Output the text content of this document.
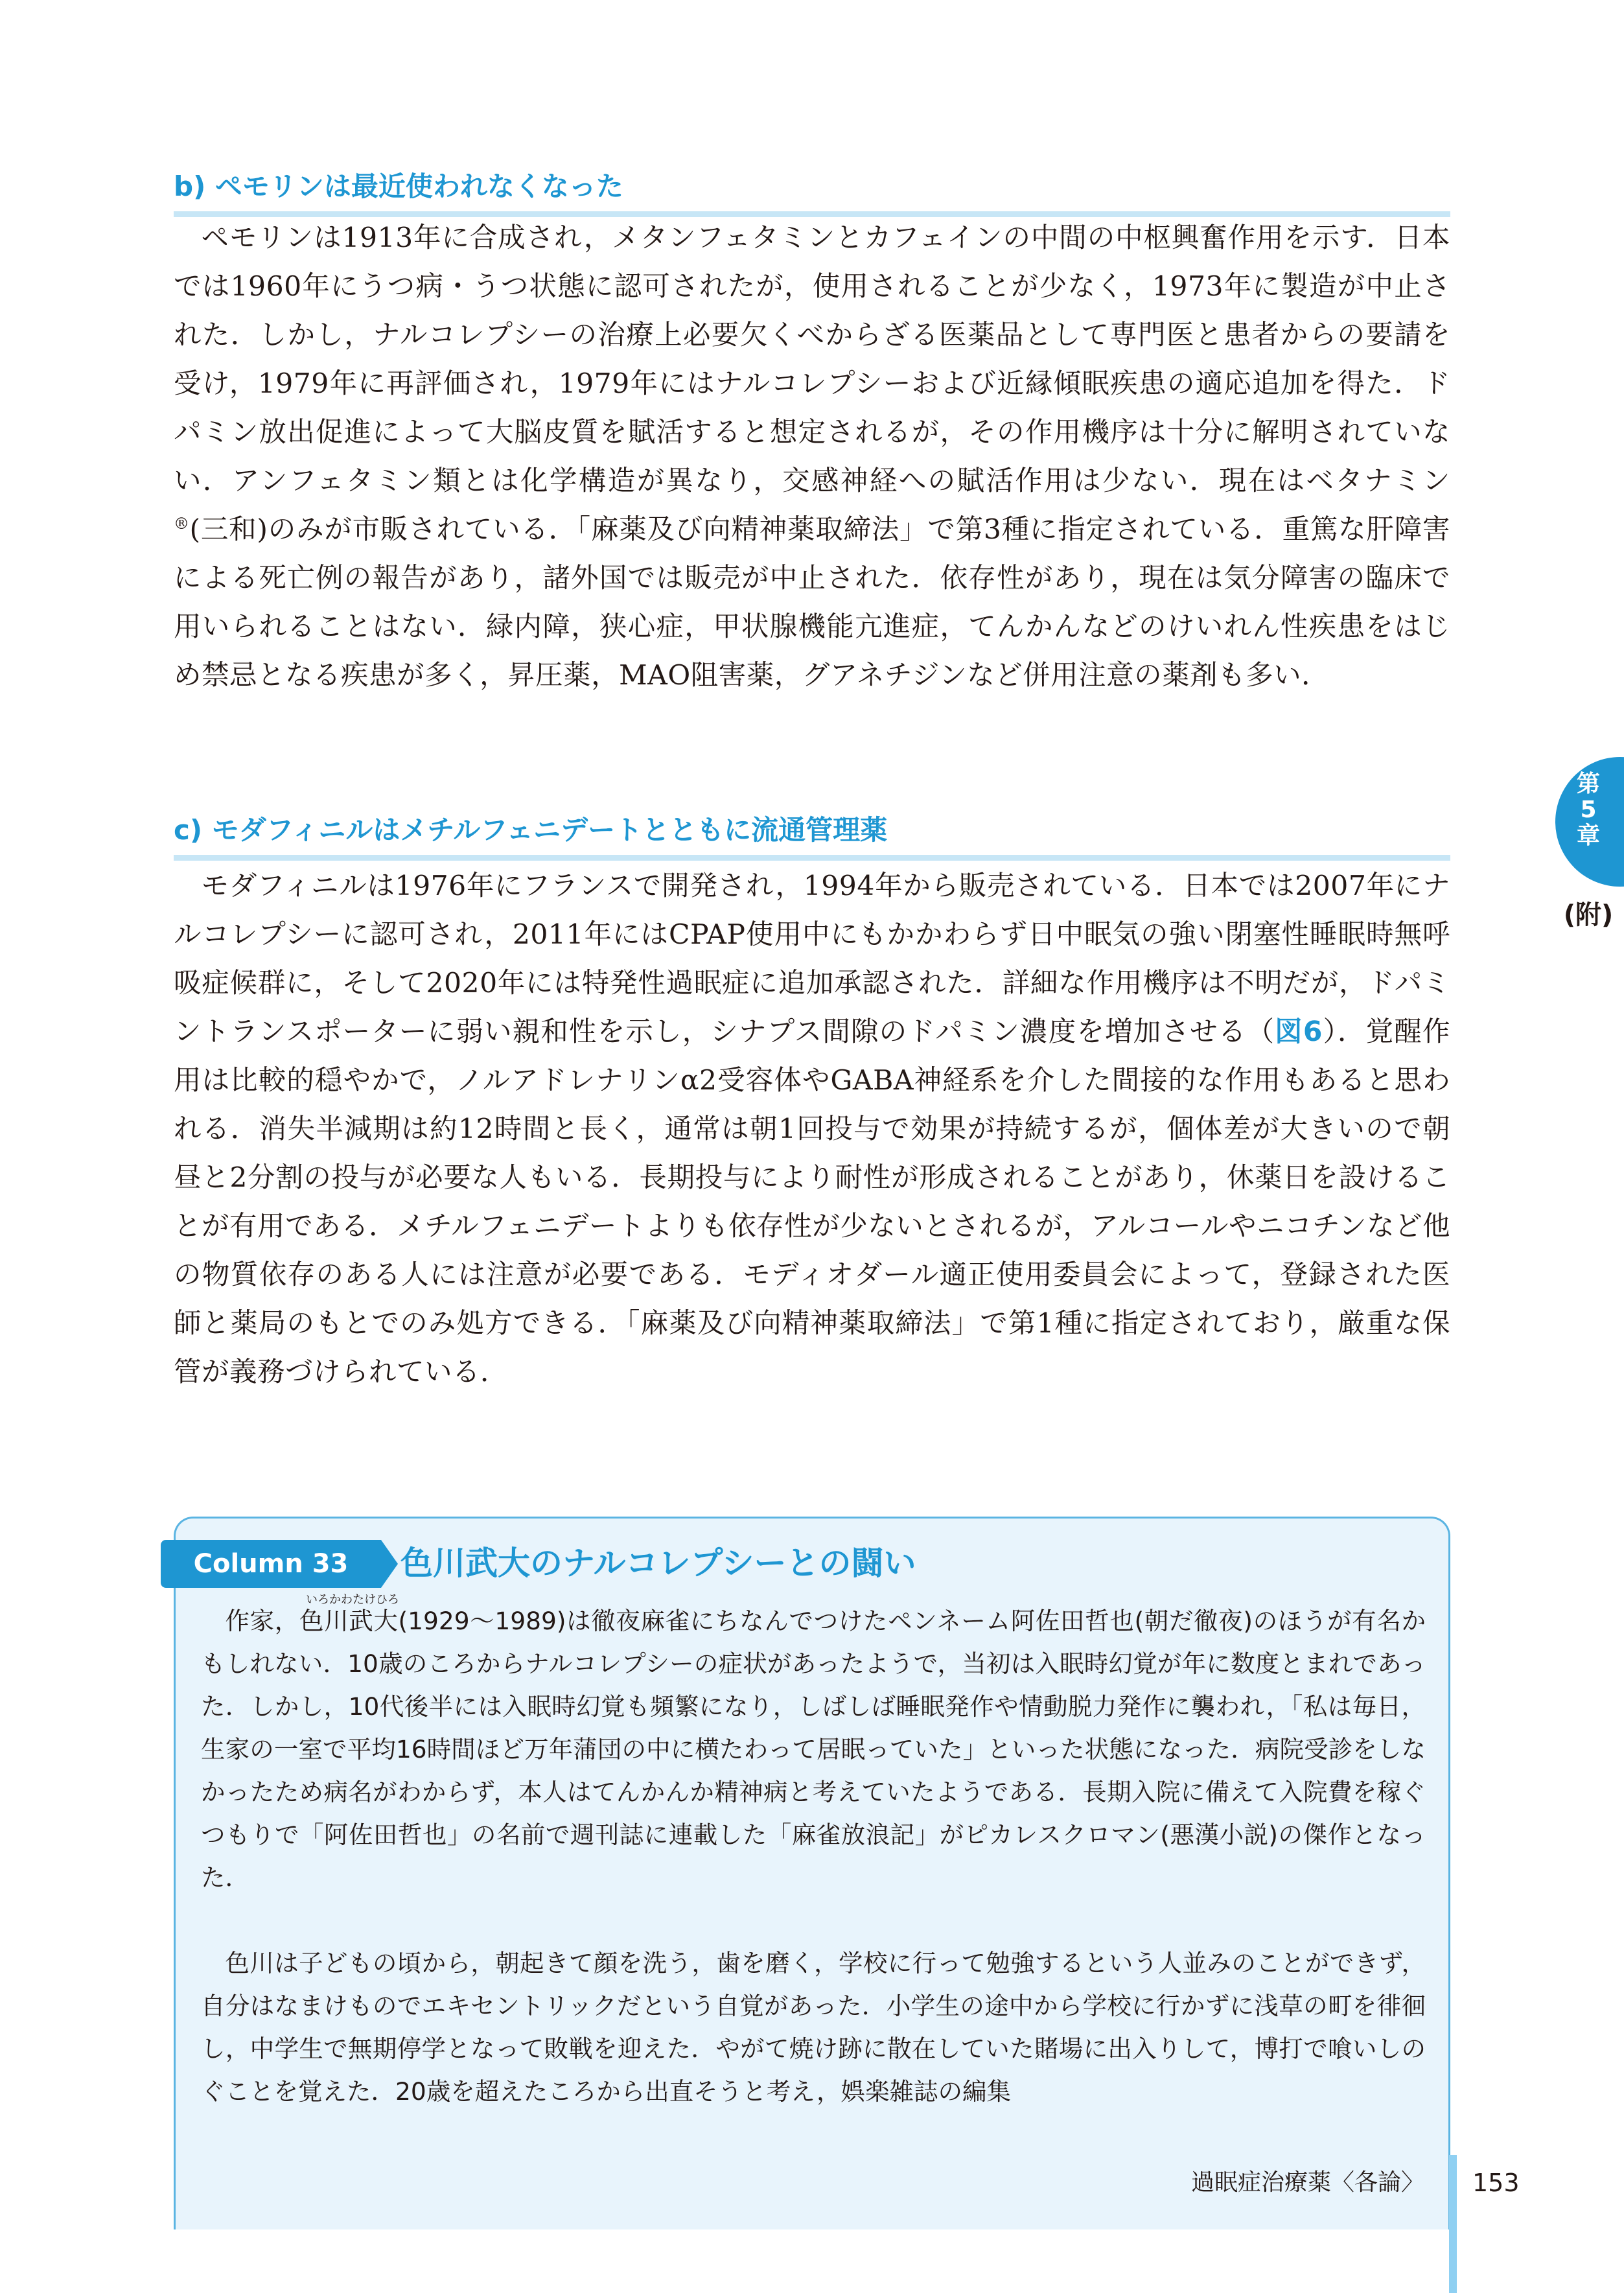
b) ペモリンは最近使われなくなった
ペモリンは1913年に合成され，メタンフェタミンとカフェインの中間の中枢興奮作用を示す．日本では1960年にうつ病・うつ状態に認可されたが，使用されることが少なく，1973年に製造が中止された．しかし，ナルコレプシーの治療上必要欠くべからざる医薬品として専門医と患者からの要請を受け，1979年に再評価され，1979年にはナルコレプシーおよび近縁傾眠疾患の適応追加を得た．ドパミン放出促進によって大脳皮質を賦活すると想定されるが，その作用機序は十分に解明されていない．アンフェタミン類とは化学構造が異なり，交感神経への賦活作用は少ない．現在はベタナミン®(三和)のみが市販されている．「麻薬及び向精神薬取締法」で第3種に指定されている．重篤な肝障害による死亡例の報告があり，諸外国では販売が中止された．依存性があり，現在は気分障害の臨床で用いられることはない．緑内障，狭心症，甲状腺機能亢進症，てんかんなどのけいれん性疾患をはじめ禁忌となる疾患が多く，昇圧薬，MAO阻害薬，グアネチジンなど併用注意の薬剤も多い．
c) モダフィニルはメチルフェニデートとともに流通管理薬
モダフィニルは1976年にフランスで開発され，1994年から販売されている．日本では2007年にナルコレプシーに認可され，2011年にはCPAP使用中にもかかわらず日中眠気の強い閉塞性睡眠時無呼吸症候群に，そして2020年には特発性過眠症に追加承認された．詳細な作用機序は不明だが，ドパミントランスポーターに弱い親和性を示し，シナプス間隙のドパミン濃度を増加させる（図6）．覚醒作用は比較的穏やかで，ノルアドレナリンα2受容体やGABA神経系を介した間接的な作用もあると思われる．消失半減期は約12時間と長く，通常は朝1回投与で効果が持続するが，個体差が大きいので朝昼と2分割の投与が必要な人もいる．長期投与により耐性が形成されることがあり，休薬日を設けることが有用である．メチルフェニデートよりも依存性が少ないとされるが，アルコールやニコチンなど他の物質依存のある人には注意が必要である．モディオダール適正使用委員会によって，登録された医師と薬局のもとでのみ処方できる．「麻薬及び向精神薬取締法」で第1種に指定されており，厳重な保管が義務づけられている．
Column 33	色川武大のナルコレプシーとの闘い
いろかわたけひろ
作家，色川武大(1929〜1989)は徹夜麻雀にちなんでつけたペンネーム阿佐田哲也(朝だ徹夜)のほうが有名かもしれない．10歳のころからナルコレプシーの症状があったようで，当初は入眠時幻覚が年に数度とまれであった．しかし，10代後半には入眠時幻覚も頻繁になり，しばしば睡眠発作や情動脱力発作に襲われ，「私は毎日，生家の一室で平均16時間ほど万年蒲団の中に横たわって居眠っていた」といった状態になった．病院受診をしなかったため病名がわからず，本人はてんかんか精神病と考えていたようである．長期入院に備えて入院費を稼ぐつもりで「阿佐田哲也」の名前で週刊誌に連載した「麻雀放浪記」がピカレスクロマン(悪漢小説)の傑作となった．
色川は子どもの頃から，朝起きて顔を洗う，歯を磨く，学校に行って勉強するという人並みのことができず，自分はなまけものでエキセントリックだという自覚があった．小学生の途中から学校に行かずに浅草の町を徘徊し，中学生で無期停学となって敗戦を迎えた．やがて焼け跡に散在していた賭場に出入りして，博打で喰いしのぐことを覚えた．20歳を超えたころから出直そうと考え，娯楽雑誌の編集
第
5
章
(附)
過眠症治療薬〈各論〉 153
